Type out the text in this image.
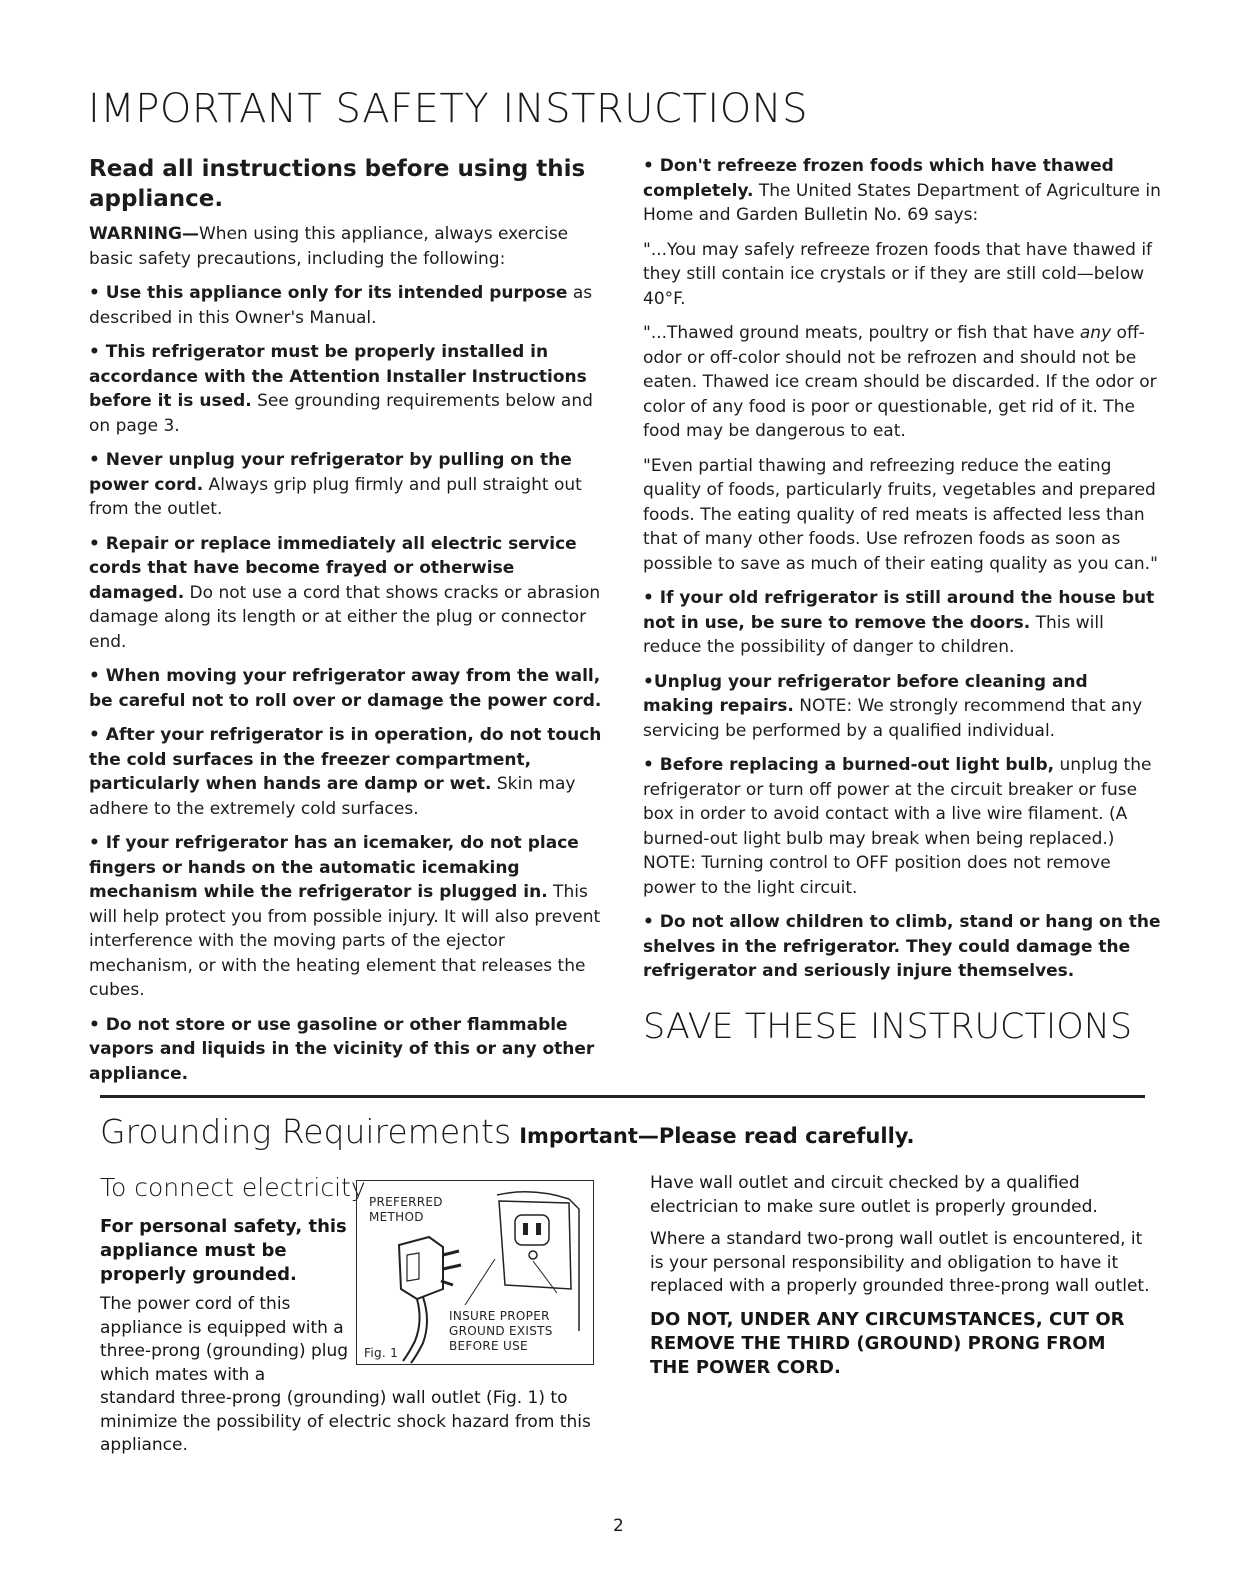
IMPORTANT SAFETY INSTRUCTIONS
Read all instructions before using this appliance.

WARNING—When using this appliance, always exercise basic safety precautions, including the following:

• Use this appliance only for its intended purpose as described in this Owner's Manual.

• This refrigerator must be properly installed in accordance with the Attention Installer Instructions before it is used. See grounding requirements below and on page 3.

• Never unplug your refrigerator by pulling on the power cord. Always grip plug firmly and pull straight out from the outlet.

• Repair or replace immediately all electric service cords that have become frayed or otherwise damaged. Do not use a cord that shows cracks or abrasion damage along its length or at either the plug or connector end.

• When moving your refrigerator away from the wall, be careful not to roll over or damage the power cord.

• After your refrigerator is in operation, do not touch the cold surfaces in the freezer compartment, particularly when hands are damp or wet. Skin may adhere to the extremely cold surfaces.

• If your refrigerator has an icemaker, do not place fingers or hands on the automatic icemaking mechanism while the refrigerator is plugged in. This will help protect you from possible injury. It will also prevent interference with the moving parts of the ejector mechanism, or with the heating element that releases the cubes.

• Do not store or use gasoline or other flammable vapors and liquids in the vicinity of this or any other appliance.

• Don't refreeze frozen foods which have thawed completely. The United States Department of Agriculture in Home and Garden Bulletin No. 69 says:

"...You may safely refreeze frozen foods that have thawed if they still contain ice crystals or if they are still cold—below 40°F.

"...Thawed ground meats, poultry or fish that have any off-odor or off-color should not be refrozen and should not be eaten. Thawed ice cream should be discarded. If the odor or color of any food is poor or questionable, get rid of it. The food may be dangerous to eat.

"Even partial thawing and refreezing reduce the eating quality of foods, particularly fruits, vegetables and prepared foods. The eating quality of red meats is affected less than that of many other foods. Use refrozen foods as soon as possible to save as much of their eating quality as you can."

• If your old refrigerator is still around the house but not in use, be sure to remove the doors. This will reduce the possibility of danger to children.

•Unplug your refrigerator before cleaning and making repairs. NOTE: We strongly recommend that any servicing be performed by a qualified individual.

• Before replacing a burned-out light bulb, unplug the refrigerator or turn off power at the circuit breaker or fuse box in order to avoid contact with a live wire filament. (A burned-out light bulb may break when being replaced.) NOTE: Turning control to OFF position does not remove power to the light circuit.

• Do not allow children to climb, stand or hang on the shelves in the refrigerator. They could damage the refrigerator and seriously injure themselves.

SAVE THESE INSTRUCTIONS
Grounding Requirements Important—Please read carefully.
To connect electricity
For personal safety, this appliance must be properly grounded.
The power cord of this appliance is equipped with a three-prong (grounding) plug which mates with a
standard three-prong (grounding) wall outlet (Fig. 1) to minimize the possibility of electric shock hazard from this appliance.
PREFERRED METHOD
INSURE PROPER GROUND EXISTS BEFORE USE
Fig. 1

Have wall outlet and circuit checked by a qualified electrician to make sure outlet is properly grounded.

Where a standard two-prong wall outlet is encountered, it is your personal responsibility and obligation to have it replaced with a properly grounded three-prong wall outlet.

DO NOT, UNDER ANY CIRCUMSTANCES, CUT OR REMOVE THE THIRD (GROUND) PRONG FROM THE POWER CORD.

2
